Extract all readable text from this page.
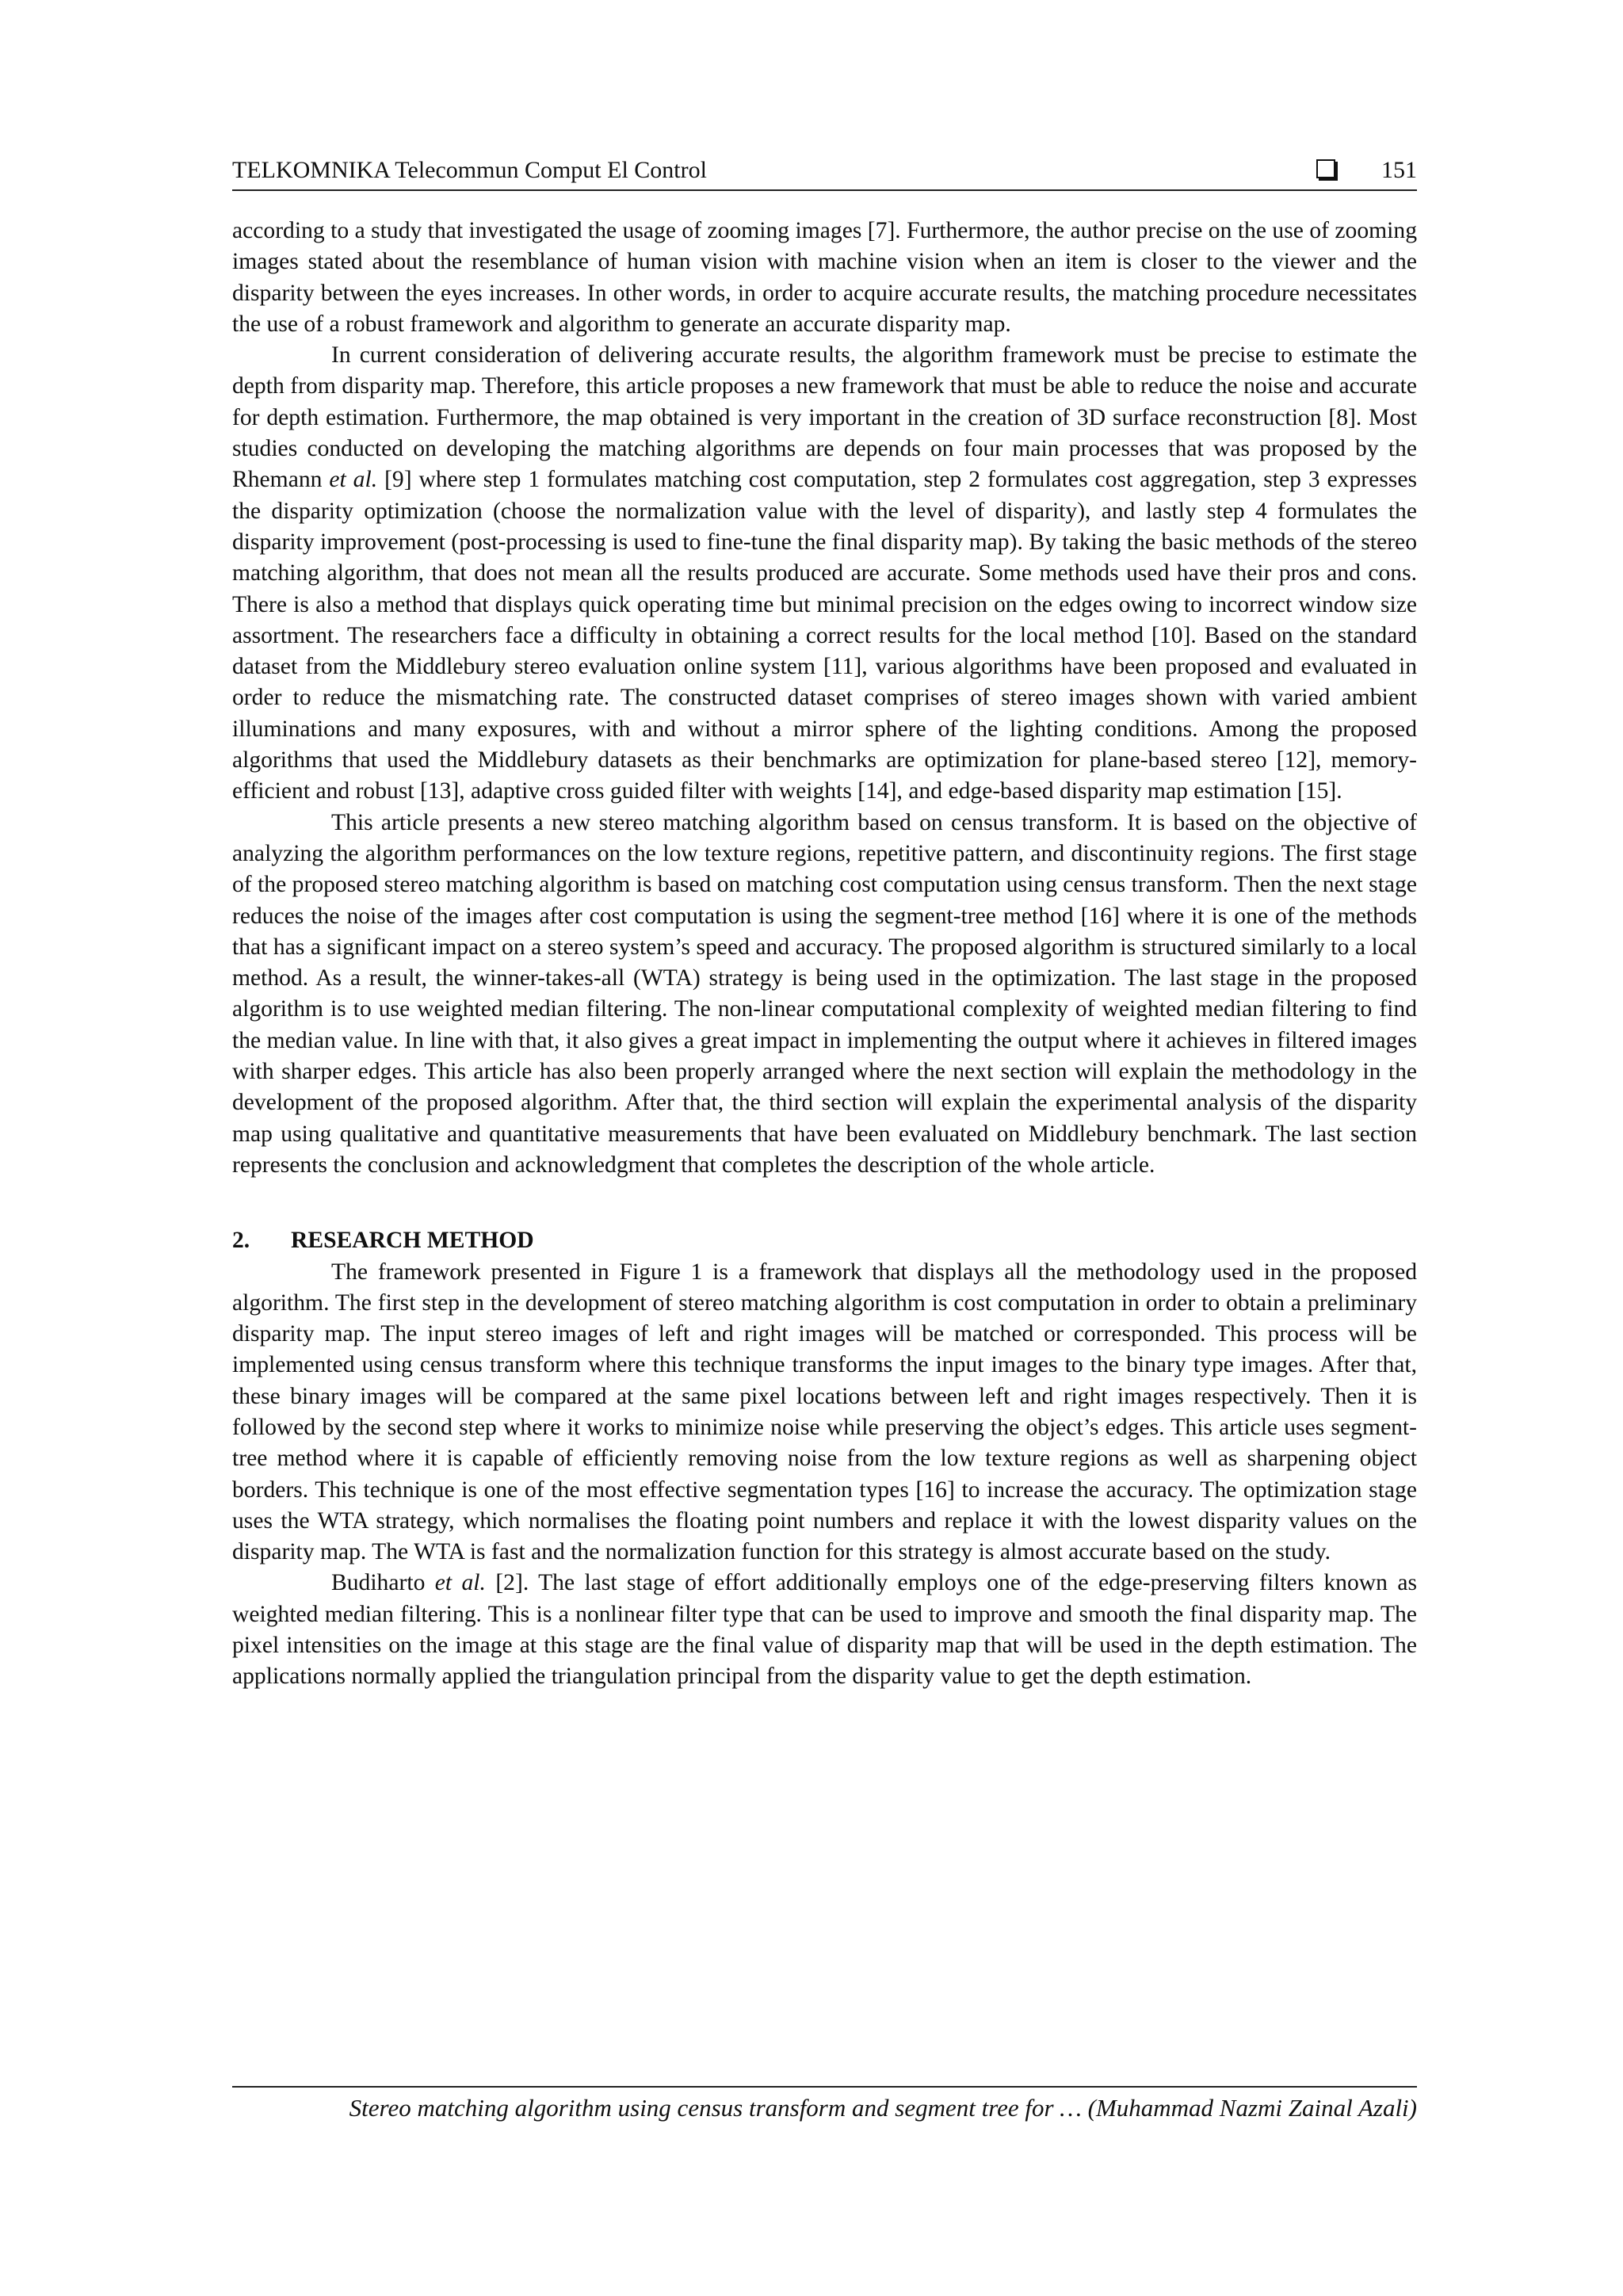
TELKOMNIKA Telecommun Comput El Control	151

according to a study that investigated the usage of zooming images [7]. Furthermore, the author precise on the use of zooming images stated about the resemblance of human vision with machine vision when an item is closer to the viewer and the disparity between the eyes increases. In other words, in order to acquire accurate results, the matching procedure necessitates the use of a robust framework and algorithm to generate an accurate disparity map.

In current consideration of delivering accurate results, the algorithm framework must be precise to estimate the depth from disparity map. Therefore, this article proposes a new framework that must be able to reduce the noise and accurate for depth estimation. Furthermore, the map obtained is very important in the creation of 3D surface reconstruction [8]. Most studies conducted on developing the matching algorithms are depends on four main processes that was proposed by the Rhemann et al. [9] where step 1 formulates matching cost computation, step 2 formulates cost aggregation, step 3 expresses the disparity optimization (choose the normalization value with the level of disparity), and lastly step 4 formulates the disparity improvement (post-processing is used to fine-tune the final disparity map). By taking the basic methods of the stereo matching algorithm, that does not mean all the results produced are accurate. Some methods used have their pros and cons. There is also a method that displays quick operating time but minimal precision on the edges owing to incorrect window size assortment. The researchers face a difficulty in obtaining a correct results for the local method [10]. Based on the standard dataset from the Middlebury stereo evaluation online system [11], various algorithms have been proposed and evaluated in order to reduce the mismatching rate. The constructed dataset comprises of stereo images shown with varied ambient illuminations and many exposures, with and without a mirror sphere of the lighting conditions. Among the proposed algorithms that used the Middlebury datasets as their benchmarks are optimization for plane-based stereo [12], memory-efficient and robust [13], adaptive cross guided filter with weights [14], and edge-based disparity map estimation [15].

This article presents a new stereo matching algorithm based on census transform. It is based on the objective of analyzing the algorithm performances on the low texture regions, repetitive pattern, and discontinuity regions. The first stage of the proposed stereo matching algorithm is based on matching cost computation using census transform. Then the next stage reduces the noise of the images after cost computation is using the segment-tree method [16] where it is one of the methods that has a significant impact on a stereo system’s speed and accuracy. The proposed algorithm is structured similarly to a local method. As a result, the winner-takes-all (WTA) strategy is being used in the optimization. The last stage in the proposed algorithm is to use weighted median filtering. The non-linear computational complexity of weighted median filtering to find the median value. In line with that, it also gives a great impact in implementing the output where it achieves in filtered images with sharper edges. This article has also been properly arranged where the next section will explain the methodology in the development of the proposed algorithm. After that, the third section will explain the experimental analysis of the disparity map using qualitative and quantitative measurements that have been evaluated on Middlebury benchmark. The last section represents the conclusion and acknowledgment that completes the description of the whole article.

2.	RESEARCH METHOD

The framework presented in Figure 1 is a framework that displays all the methodology used in the proposed algorithm. The first step in the development of stereo matching algorithm is cost computation in order to obtain a preliminary disparity map. The input stereo images of left and right images will be matched or corresponded. This process will be implemented using census transform where this technique transforms the input images to the binary type images. After that, these binary images will be compared at the same pixel locations between left and right images respectively. Then it is followed by the second step where it works to minimize noise while preserving the object’s edges. This article uses segment-tree method where it is capable of efficiently removing noise from the low texture regions as well as sharpening object borders. This technique is one of the most effective segmentation types [16] to increase the accuracy. The optimization stage uses the WTA strategy, which normalises the floating point numbers and replace it with the lowest disparity values on the disparity map. The WTA is fast and the normalization function for this strategy is almost accurate based on the study.

Budiharto et al. [2]. The last stage of effort additionally employs one of the edge-preserving filters known as weighted median filtering. This is a nonlinear filter type that can be used to improve and smooth the final disparity map. The pixel intensities on the image at this stage are the final value of disparity map that will be used in the depth estimation. The applications normally applied the triangulation principal from the disparity value to get the depth estimation.

Stereo matching algorithm using census transform and segment tree for … (Muhammad Nazmi Zainal Azali)
